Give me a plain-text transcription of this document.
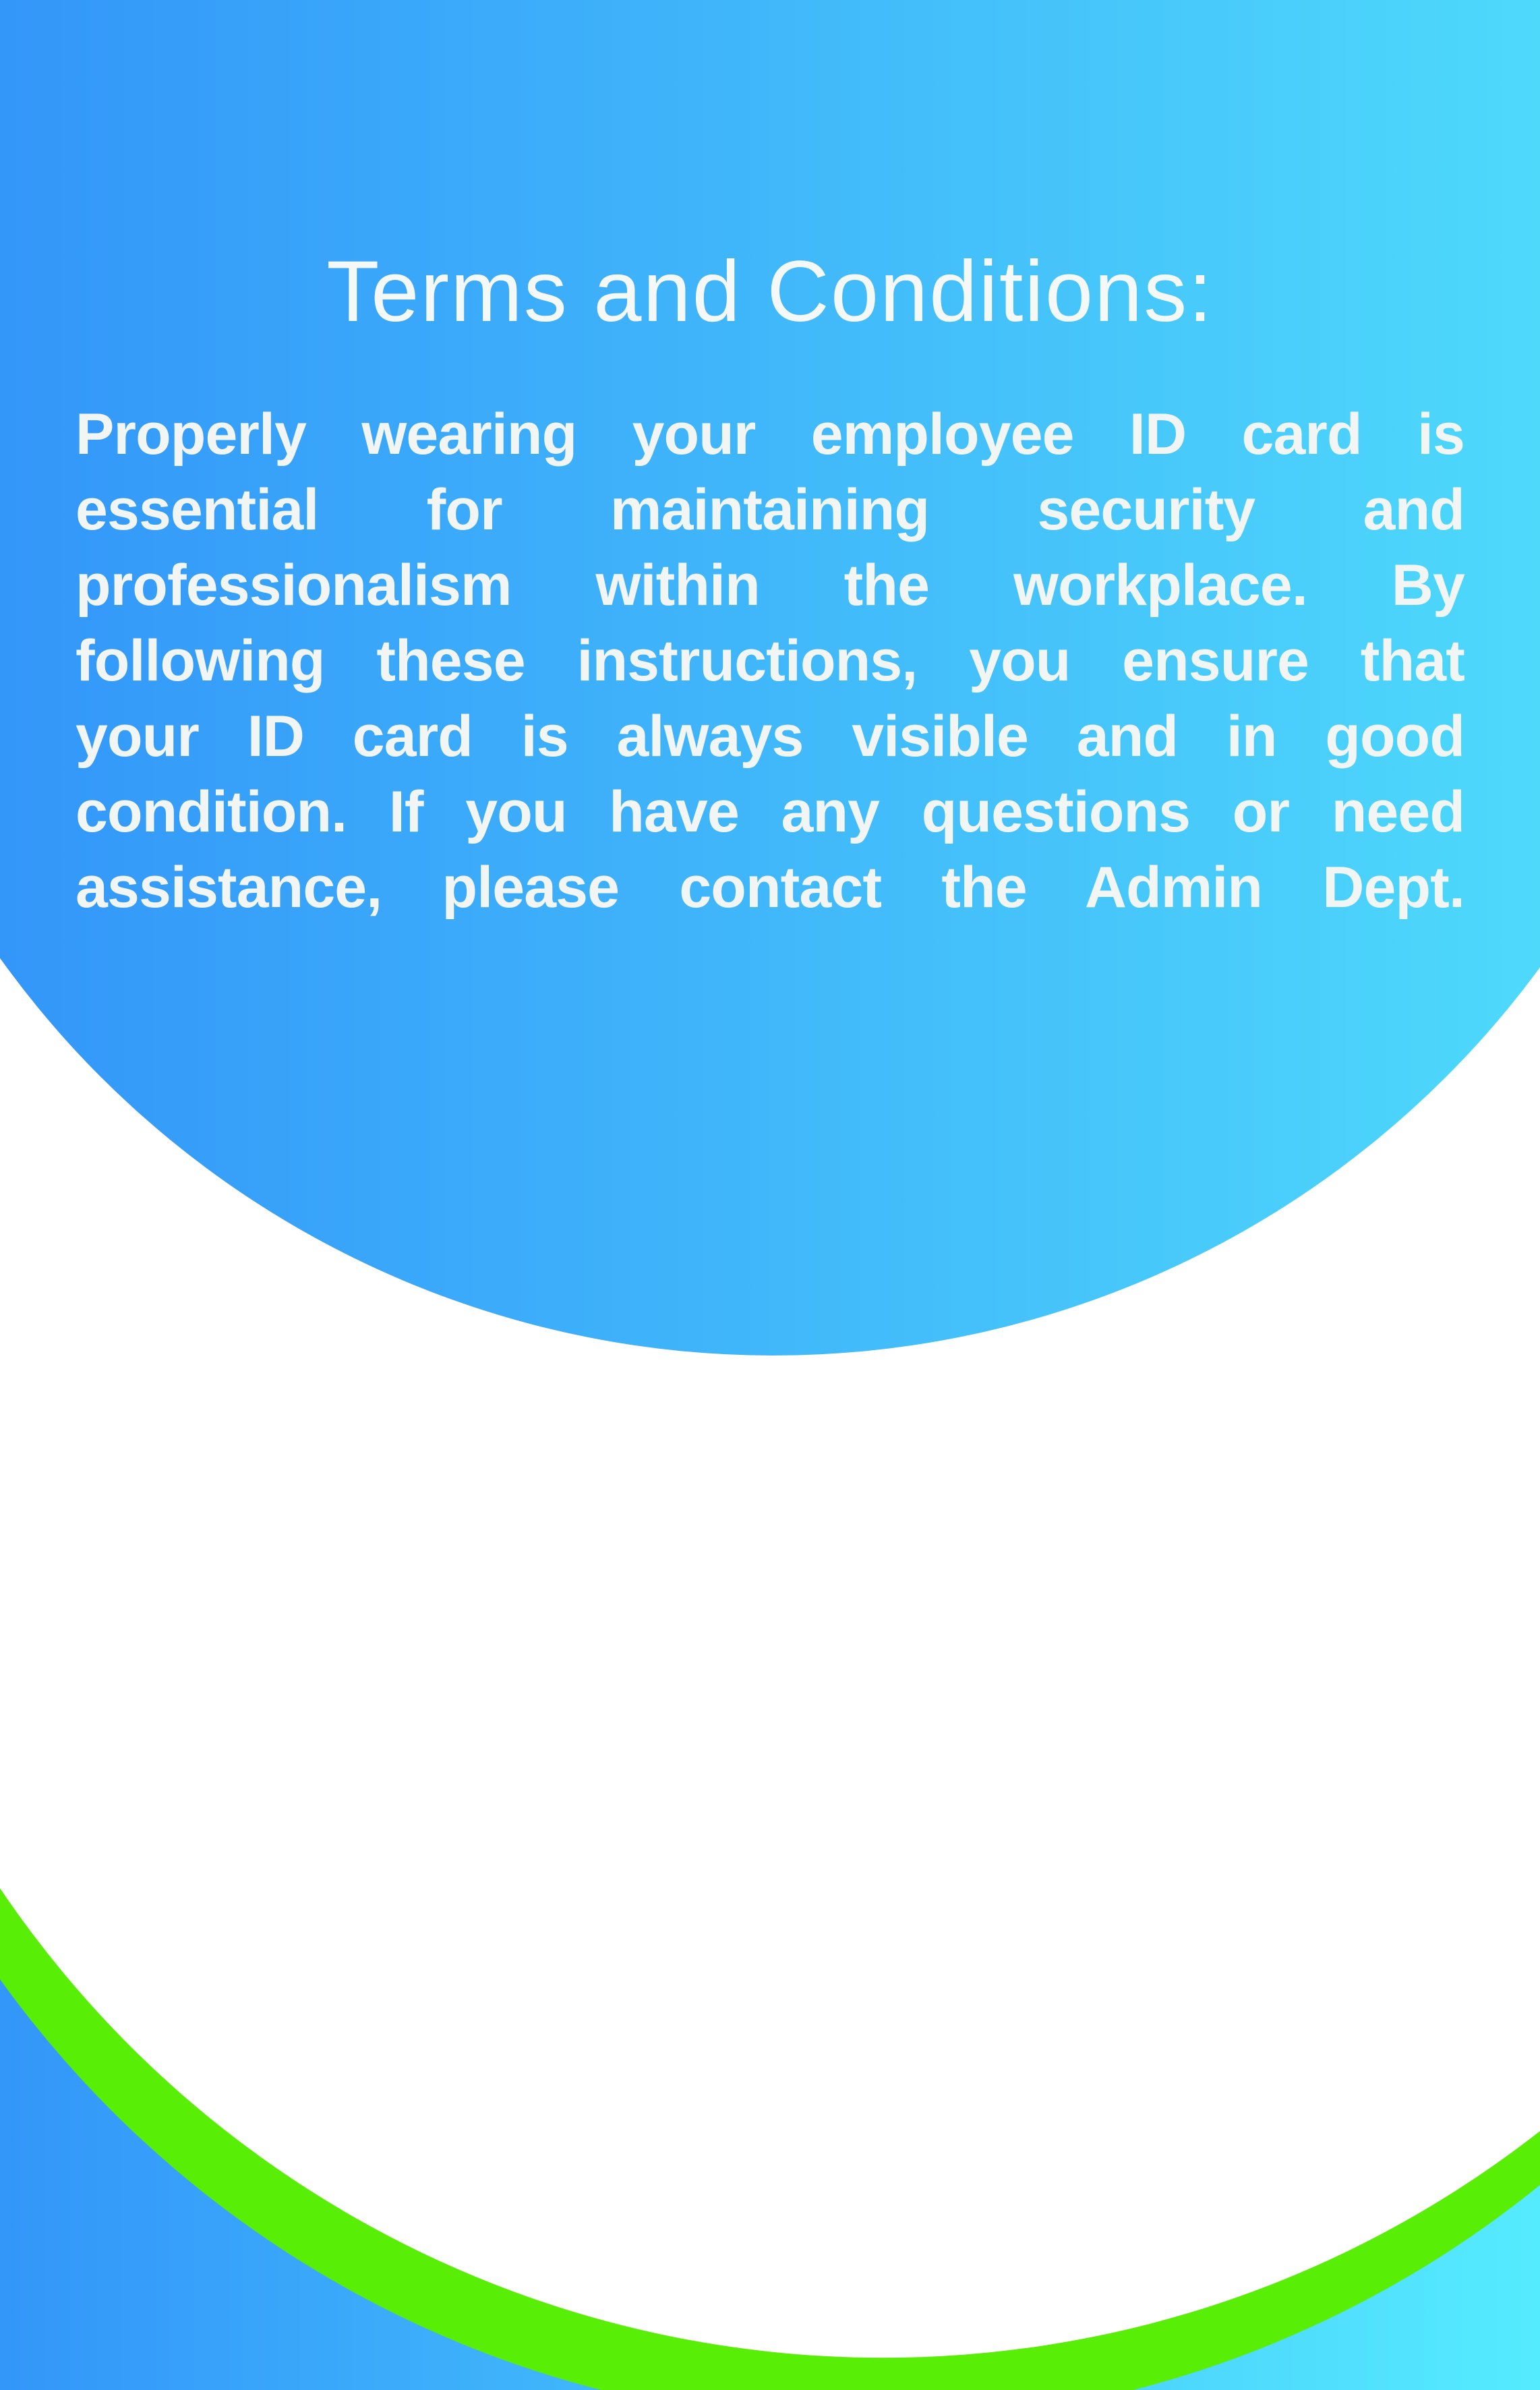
Terms and Conditions:
Properly wearing your employee ID card is
essential for maintaining security and
professionalism within the workplace. By
following these instructions, you ensure that
your ID card is always visible and in good
condition. If you have any questions or need
assistance, please contact the Admin Dept.
